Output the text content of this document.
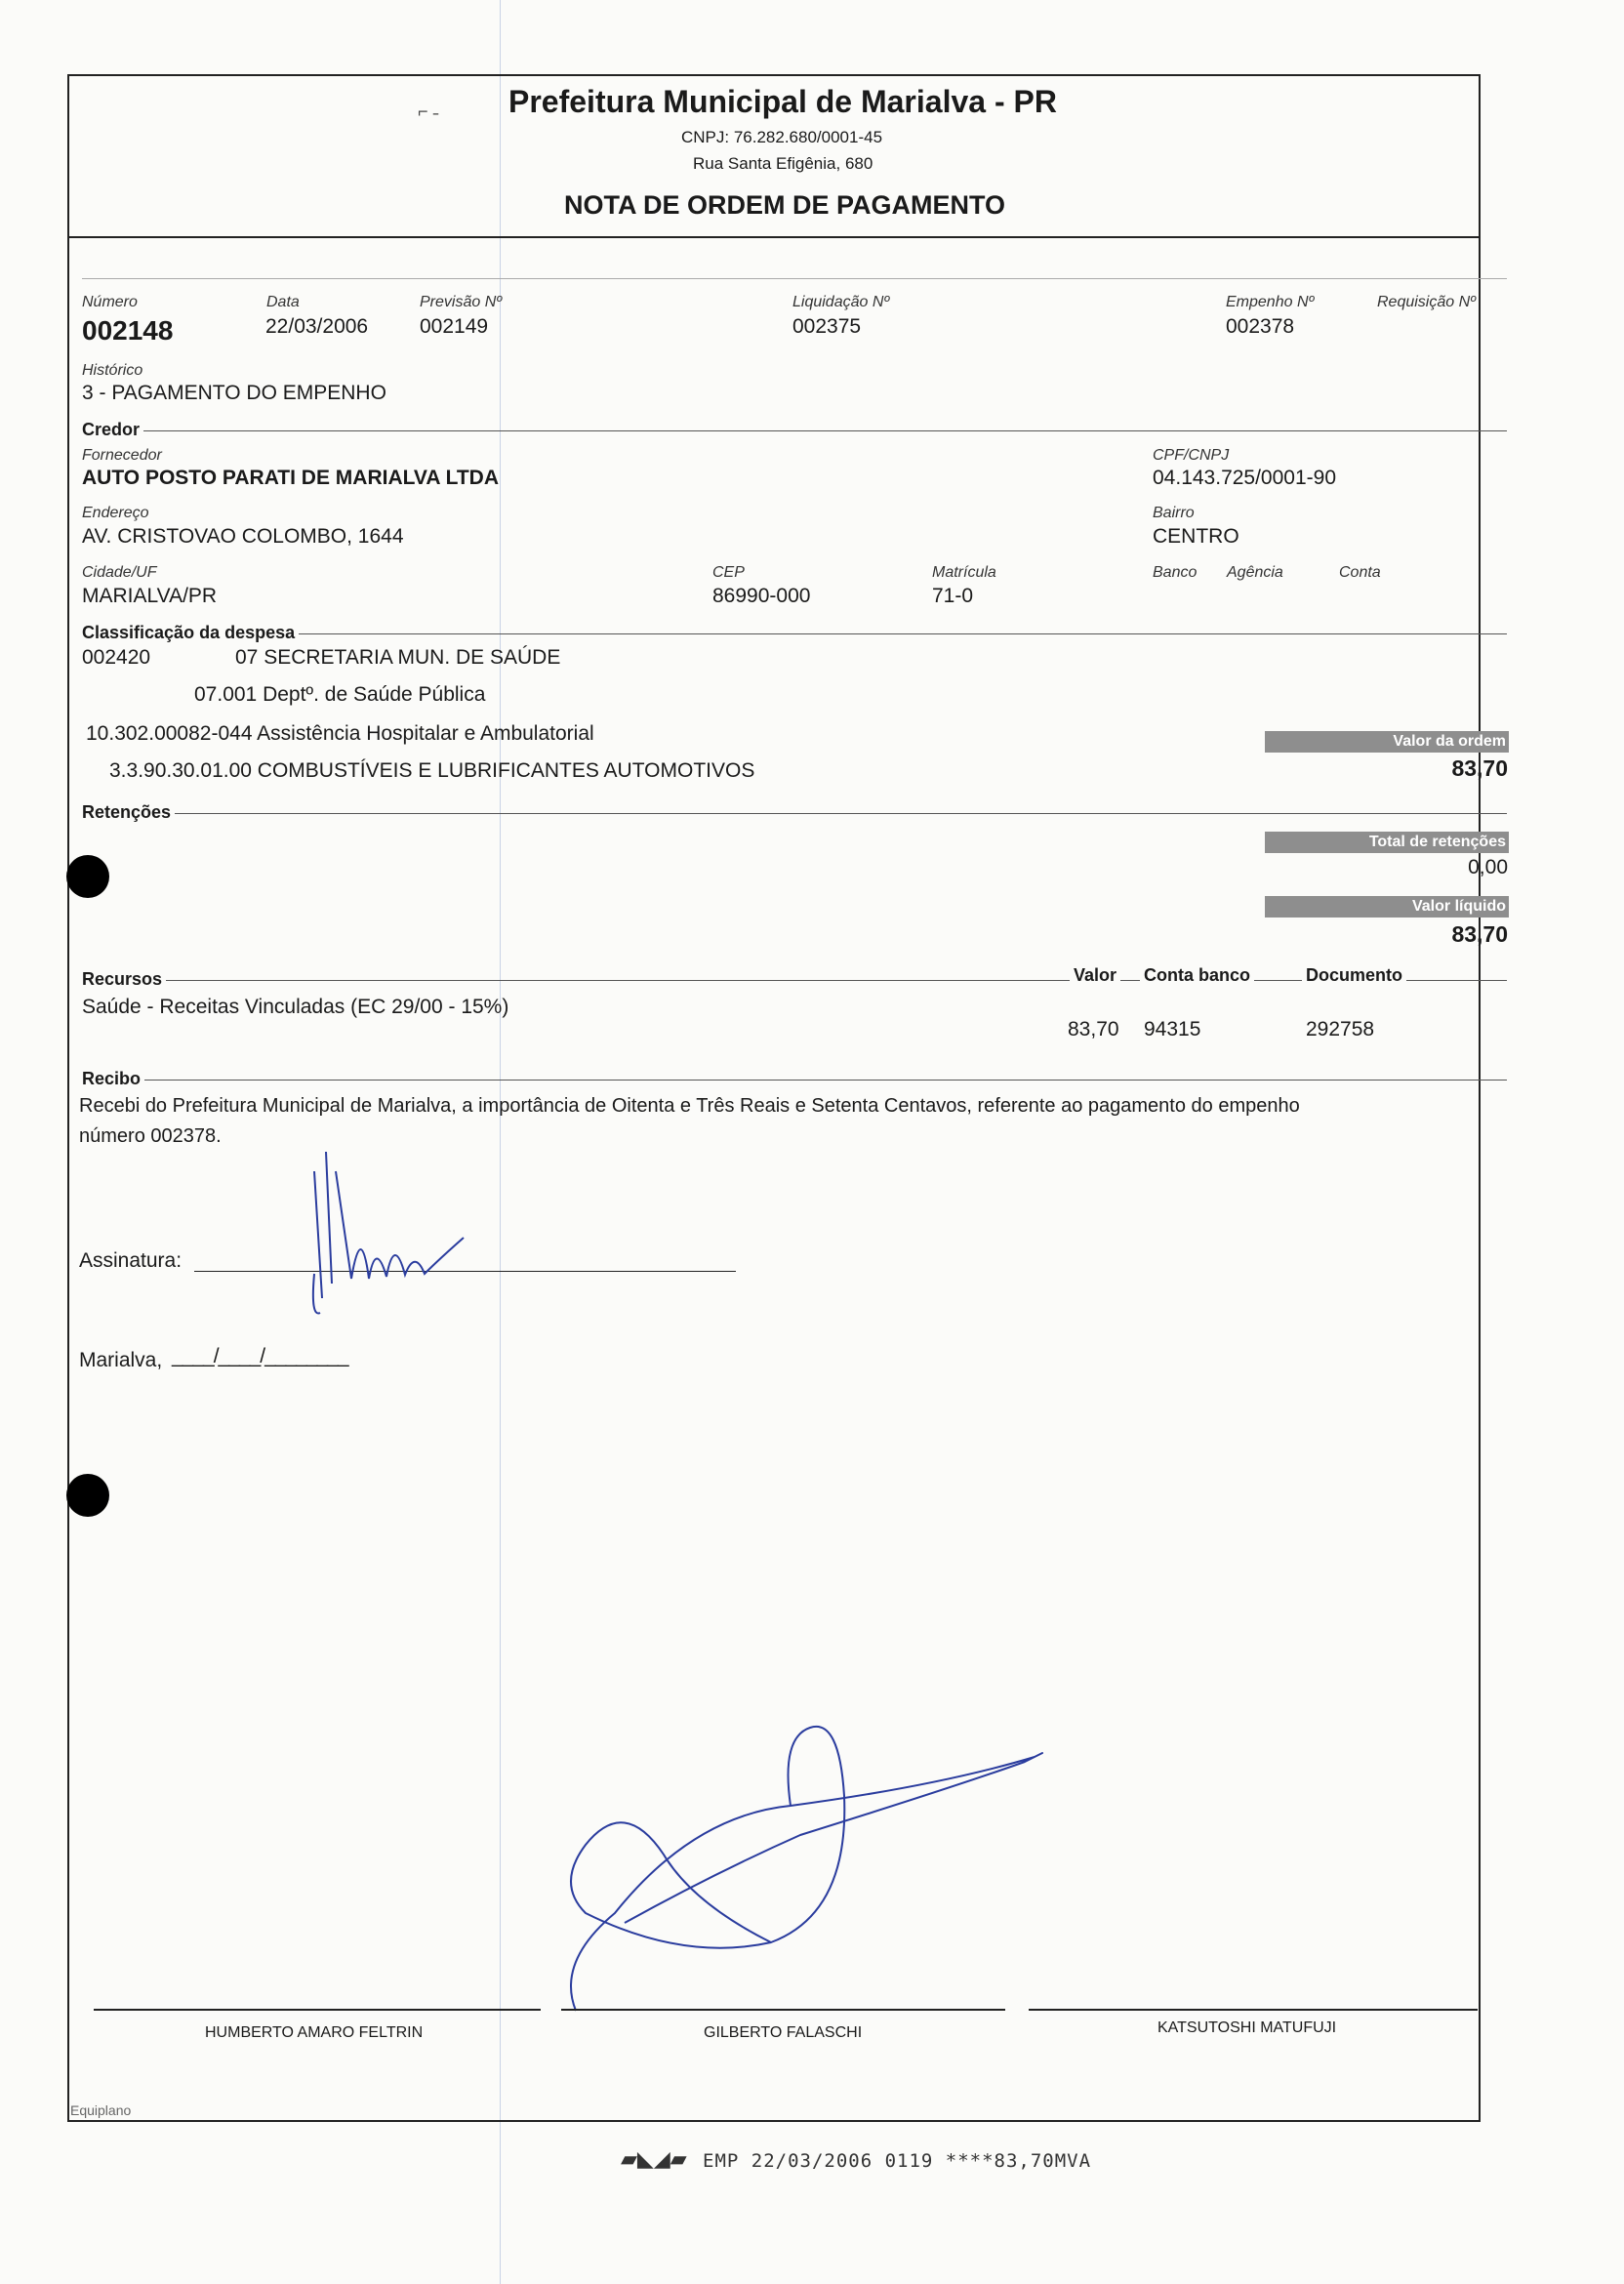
⌐ ˗ Prefeitura Municipal de Marialva - PR
CNPJ: 76.282.680/0001-45
Rua Santa Efigênia, 680
NOTA DE ORDEM DE PAGAMENTO
Número
002148
Data
22/03/2006
Previsão Nº
002149
Liquidação Nº
002375
Empenho Nº
002378
Requisição Nº
Histórico
3 - PAGAMENTO DO EMPENHO
Credor
Fornecedor
AUTO POSTO PARATI DE MARIALVA LTDA
CPF/CNPJ
04.143.725/0001-90
Endereço
AV. CRISTOVAO COLOMBO, 1644
Bairro
CENTRO
Cidade/UF
MARIALVA/PR
CEP
86990-000
Matrícula
71-0
Banco Agência	Conta
Classificação da despesa
002420	07 SECRETARIA MUN. DE SAÚDE
07.001 Deptº. de Saúde Pública
10.302.00082-044 Assistência Hospitalar e Ambulatorial
3.3.90.30.01.00 COMBUSTÍVEIS E LUBRIFICANTES AUTOMOTIVOS
Valor da ordem
83,70
Retenções
Total de retenções
0,00
Valor líquido
83,70
Recursos	Valor Conta banco	Documento
Saúde - Receitas Vinculadas (EC 29/00 - 15%)
83,70 94315	292758
Recibo
Recebi do Prefeitura Municipal de Marialva, a importância de Oitenta e Três Reais e Setenta Centavos, referente ao pagamento do empenho
número 002378.
Assinatura:
Marialva, ____/____/________
HUMBERTO AMARO FELTRIN	GILBERTO FALASCHI	KATSUTOSHI MATUFUJI
Equiplano
▰◣◢▰ EMP 22/03/2006 0119 ****83,70MVA
